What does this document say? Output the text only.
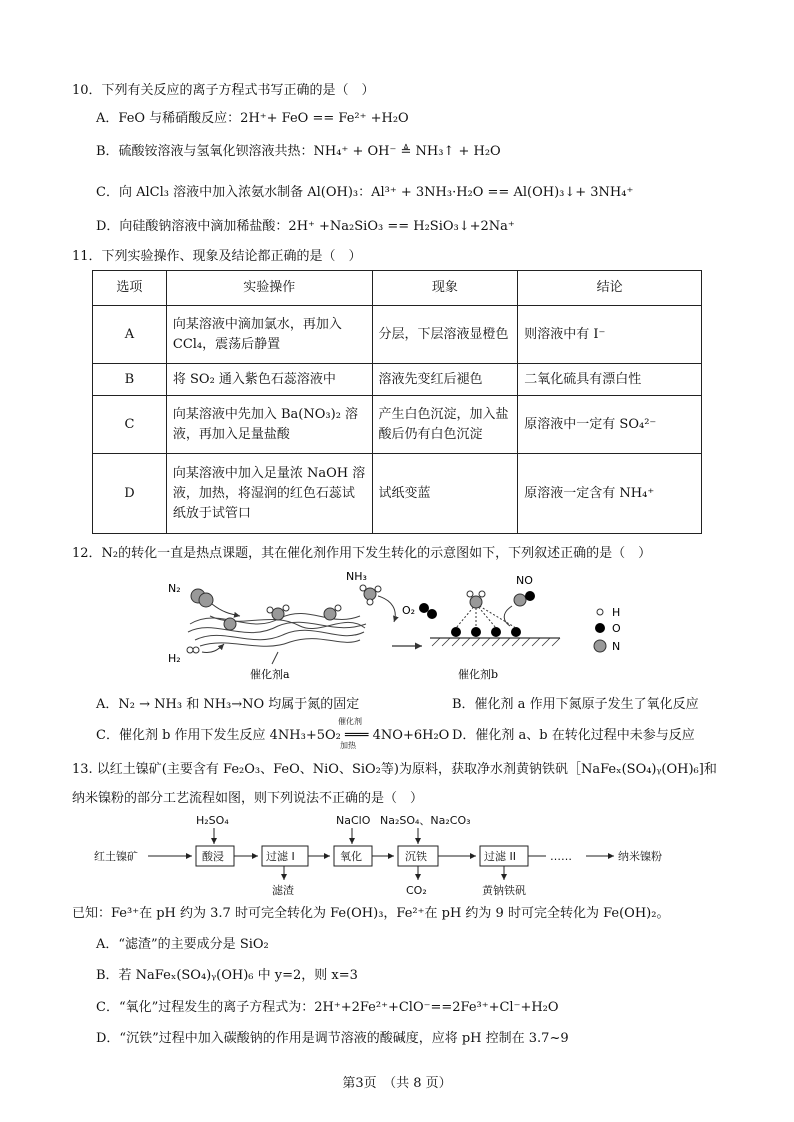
10．下列有关反应的离子方程式书写正确的是（　）
A．FeO 与稀硝酸反应：2H⁺+ FeO == Fe²⁺ +H₂O
B．硫酸铵溶液与氢氧化钡溶液共热：NH₄⁺ + OH⁻ ≜ NH₃↑ + H₂O
C．向 AlCl₃ 溶液中加入浓氨水制备 Al(OH)₃：Al³⁺ + 3NH₃·H₂O == Al(OH)₃↓+ 3NH₄⁺
D．向硅酸钠溶液中滴加稀盐酸：2H⁺ +Na₂SiO₃ == H₂SiO₃↓+2Na⁺
11．下列实验操作、现象及结论都正确的是（　）
选项	实验操作	现象	结论
A	向某溶液中滴加氯水，再加入 CCl₄，震荡后静置	分层，下层溶液显橙色	则溶液中有 I⁻
B	将 SO₂ 通入紫色石蕊溶液中	溶液先变红后褪色	二氧化硫具有漂白性
C	向某溶液中先加入 Ba(NO₃)₂ 溶液，再加入足量盐酸	产生白色沉淀，加入盐酸后仍有白色沉淀	原溶液中一定有 SO₄²⁻
D	向某溶液中加入足量浓 NaOH 溶液，加热，将湿润的红色石蕊试纸放于试管口	试纸变蓝	原溶液一定含有 NH₄⁺
12．N₂的转化一直是热点课题，其在催化剂作用下发生转化的示意图如下，下列叙述正确的是（　）
N₂
NH₃
H₂
催化剂a
O₂
NO
催化剂b
H
O
N
A．N₂ → NH₃ 和 NH₃→NO 均属于氮的固定	B．催化剂 a 作用下氮原子发生了氧化反应
C．催化剂 b 作用下发生反应 4NH₃+5O₂ ═══ 4NO+6H₂O
催化剂
加热
D．催化剂 a、b 在转化过程中未参与反应
13. 以红土镍矿(主要含有 Fe₂O₃、FeO、NiO、SiO₂等)为原料，获取净水剂黄钠铁矾［NaFeₓ(SO₄)ᵧ(OH)₆]和
纳米镍粉的部分工艺流程如图，则下列说法不正确的是（　）
红土镍矿
H₂SO₄
酸浸	过滤 I
滤渣
NaClO
氧化
Na₂SO₄、Na₂CO₃
沉铁
CO₂
过滤 II
黄钠铁矾
……	纳米镍粉
已知：Fe³⁺在 pH 约为 3.7 时可完全转化为 Fe(OH)₃，Fe²⁺在 pH 约为 9 时可完全转化为 Fe(OH)₂。
A．“滤渣”的主要成分是 SiO₂
B．若 NaFeₓ(SO₄)ᵧ(OH)₆ 中 y=2，则 x=3
C．“氧化”过程发生的离子方程式为：2H⁺+2Fe²⁺+ClO⁻==2Fe³⁺+Cl⁻+H₂O
D．“沉铁”过程中加入碳酸钠的作用是调节溶液的酸碱度，应将 pH 控制在 3.7~9
第3页　（共 8 页）
